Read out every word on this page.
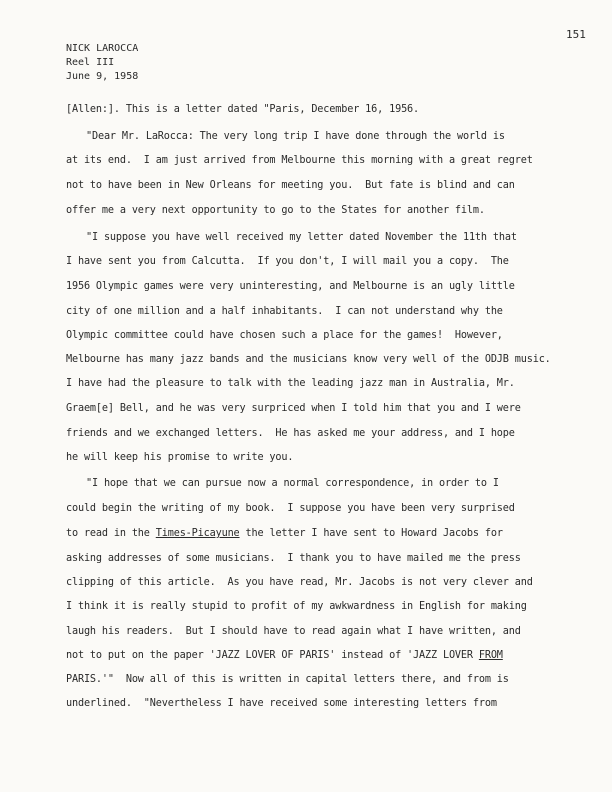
151
NICK LAROCCA
Reel III
June 9, 1958
[Allen:]. This is a letter dated "Paris, December 16, 1956.
"Dear Mr. LaRocca: The very long trip I have done through the world is
at its end.  I am just arrived from Melbourne this morning with a great regret
not to have been in New Orleans for meeting you.  But fate is blind and can
offer me a very next opportunity to go to the States for another film.
"I suppose you have well received my letter dated November the 11th that
I have sent you from Calcutta.  If you don't, I will mail you a copy.  The
1956 Olympic games were very uninteresting, and Melbourne is an ugly little
city of one million and a half inhabitants.  I can not understand why the
Olympic committee could have chosen such a place for the games!  However,
Melbourne has many jazz bands and the musicians know very well of the ODJB music.
I have had the pleasure to talk with the leading jazz man in Australia, Mr.
Graem[e] Bell, and he was very surpriced when I told him that you and I were
friends and we exchanged letters.  He has asked me your address, and I hope
he will keep his promise to write you.
"I hope that we can pursue now a normal correspondence, in order to I
could begin the writing of my book.  I suppose you have been very surprised
to read in the Times-Picayune the letter I have sent to Howard Jacobs for
asking addresses of some musicians.  I thank you to have mailed me the press
clipping of this article.  As you have read, Mr. Jacobs is not very clever and
I think it is really stupid to profit of my awkwardness in English for making
laugh his readers.  But I should have to read again what I have written, and
not to put on the paper 'JAZZ LOVER OF PARIS' instead of 'JAZZ LOVER FROM
PARIS.'"  Now all of this is written in capital letters there, and from is
underlined.  "Nevertheless I have received some interesting letters from
